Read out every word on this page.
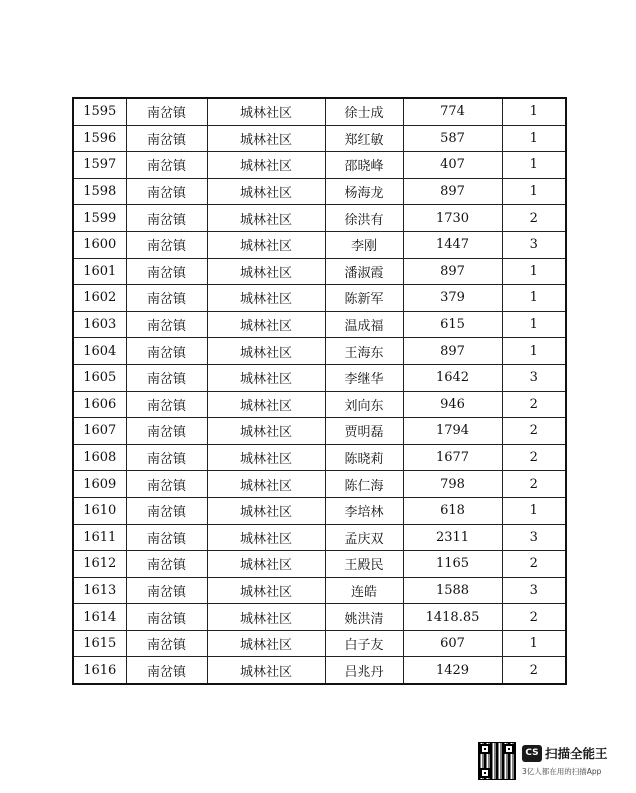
1595	南岔镇	城林社区	徐士成	774	1
1596	南岔镇	城林社区	郑红敏	587	1
1597	南岔镇	城林社区	邵晓峰	407	1
1598	南岔镇	城林社区	杨海龙	897	1
1599	南岔镇	城林社区	徐洪有	1730	2
1600	南岔镇	城林社区	李刚	1447	3
1601	南岔镇	城林社区	潘淑霞	897	1
1602	南岔镇	城林社区	陈新军	379	1
1603	南岔镇	城林社区	温成福	615	1
1604	南岔镇	城林社区	王海东	897	1
1605	南岔镇	城林社区	李继华	1642	3
1606	南岔镇	城林社区	刘向东	946	2
1607	南岔镇	城林社区	贾明磊	1794	2
1608	南岔镇	城林社区	陈晓莉	1677	2
1609	南岔镇	城林社区	陈仁海	798	2
1610	南岔镇	城林社区	李培林	618	1
1611	南岔镇	城林社区	孟庆双	2311	3
1612	南岔镇	城林社区	王殿民	1165	2
1613	南岔镇	城林社区	连皓	1588	3
1614	南岔镇	城林社区	姚洪清	1418.85	2
1615	南岔镇	城林社区	白子友	607	1
1616	南岔镇	城林社区	吕兆丹	1429	2
CS 扫描全能王
3亿人都在用的扫描App
